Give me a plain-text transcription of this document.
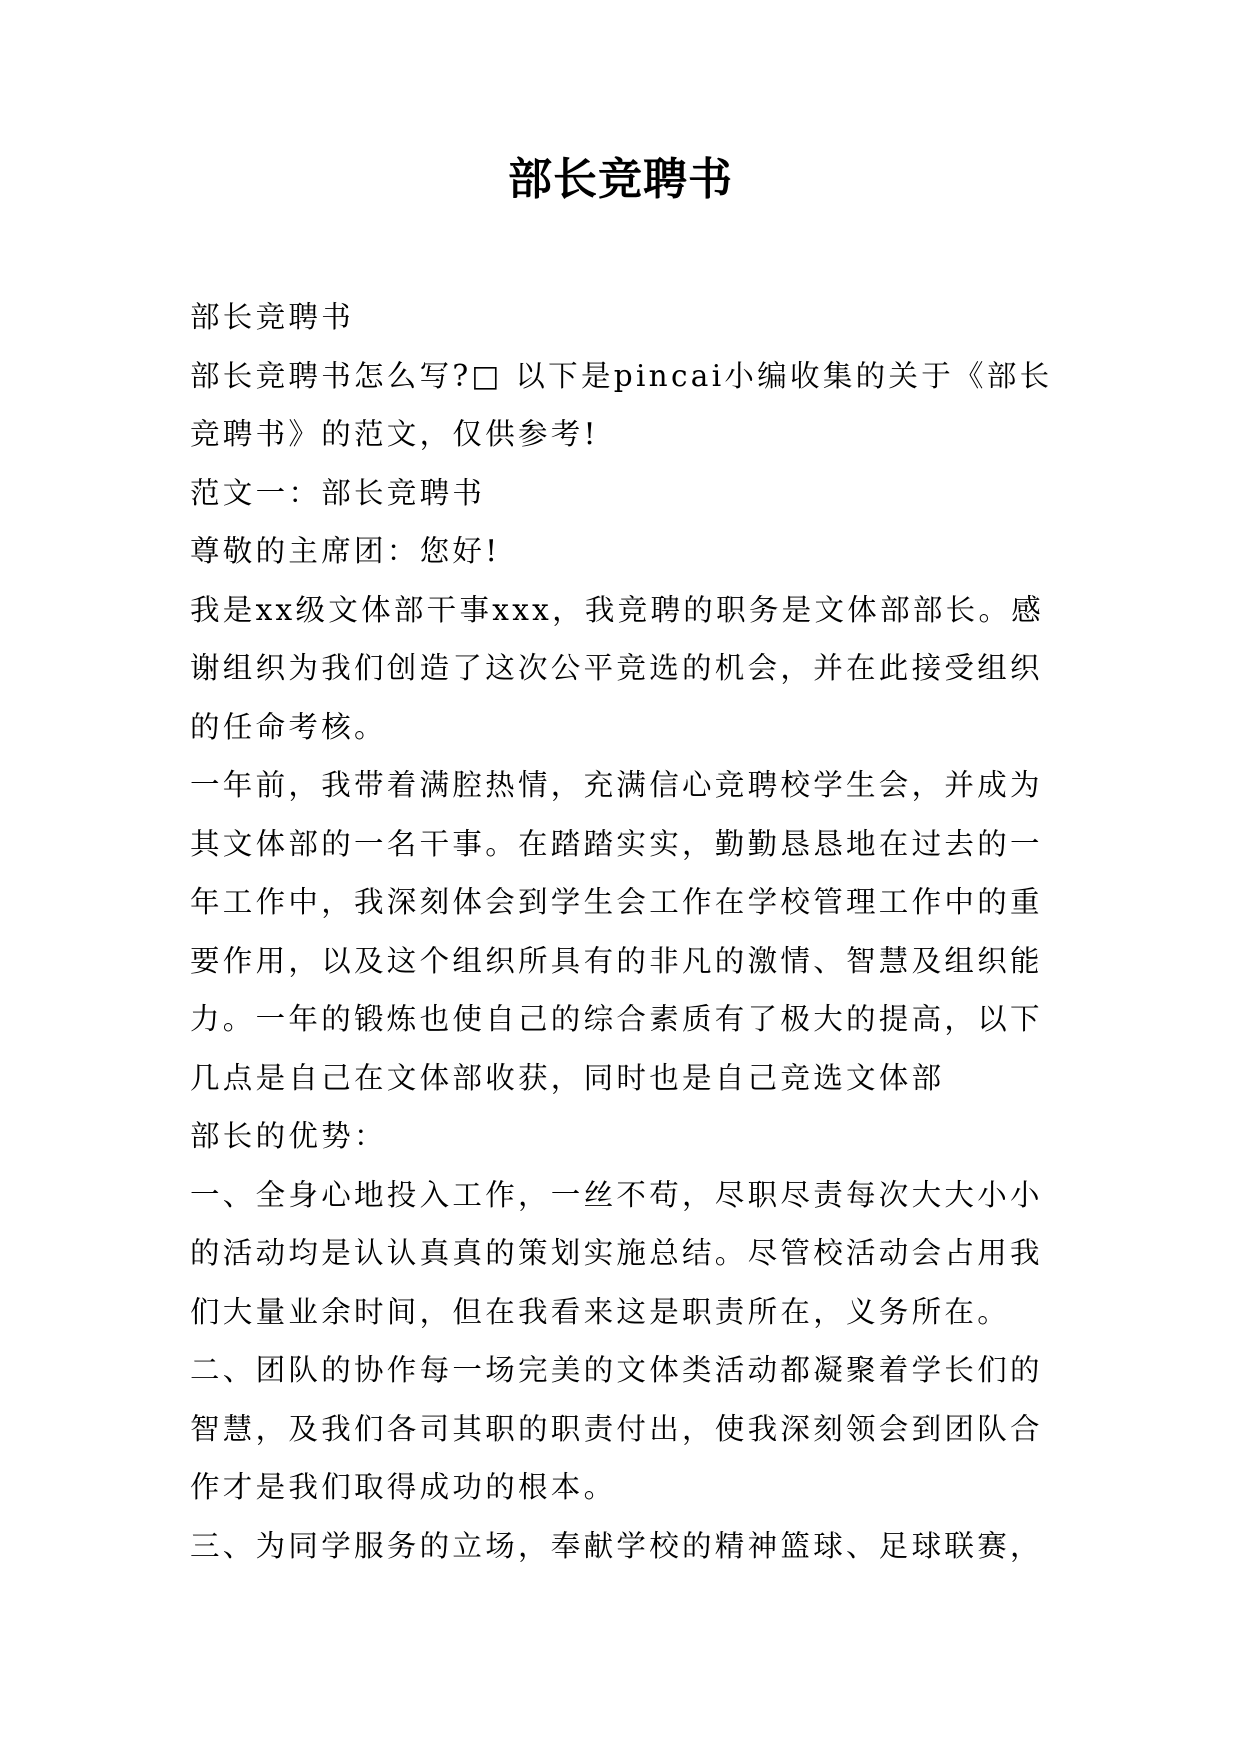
部长竞聘书

部长竞聘书

部长竞聘书怎么写?□ 以下是pincai小编收集的关于《部长

竞聘书》的范文，仅供参考!

范文一：部长竞聘书

尊敬的主席团：您好!

我是xx级文体部干事xxx，我竞聘的职务是文体部部长。感

谢组织为我们创造了这次公平竞选的机会，并在此接受组织

的任命考核。

一年前，我带着满腔热情，充满信心竞聘校学生会，并成为

其文体部的一名干事。在踏踏实实，勤勤恳恳地在过去的一

年工作中，我深刻体会到学生会工作在学校管理工作中的重

要作用，以及这个组织所具有的非凡的激情、智慧及组织能

力。一年的锻炼也使自己的综合素质有了极大的提高，以下

几点是自己在文体部收获，同时也是自己竞选文体部

部长的优势：

一、全身心地投入工作，一丝不苟，尽职尽责每次大大小小

的活动均是认认真真的策划实施总结。尽管校活动会占用我

们大量业余时间，但在我看来这是职责所在，义务所在。

二、团队的协作每一场完美的文体类活动都凝聚着学长们的

智慧，及我们各司其职的职责付出，使我深刻领会到团队合

作才是我们取得成功的根本。

三、为同学服务的立场，奉献学校的精神篮球、足球联赛，
